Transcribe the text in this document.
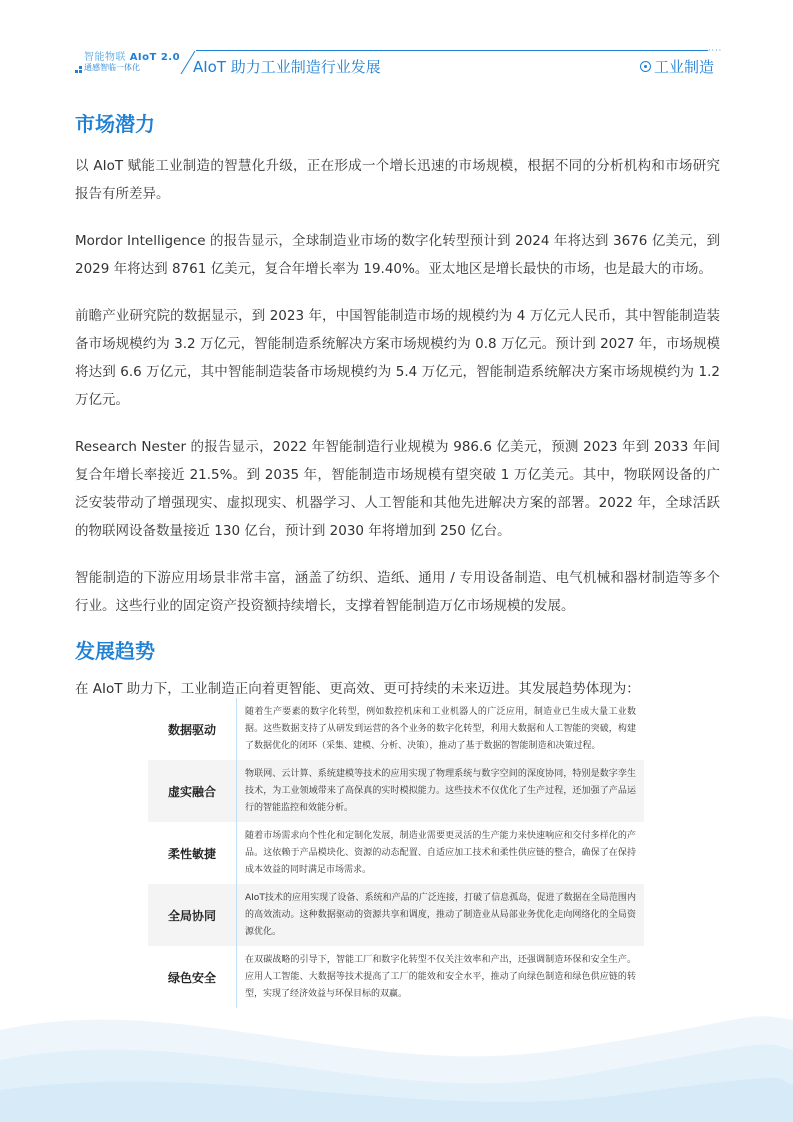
智能物联 AIoT 2.0
通感智临一体化
····
AIoT 助力工业制造行业发展	工业制造
市场潜力

以 AIoT 赋能工业制造的智慧化升级，正在形成一个增长迅速的市场规模，根据不同的分析机构和市场研究报告有所差异。

Mordor Intelligence 的报告显示，全球制造业市场的数字化转型预计到 2024 年将达到 3676 亿美元，到 2029 年将达到 8761 亿美元，复合年增长率为 19.40%。亚太地区是增长最快的市场，也是最大的市场。

前瞻产业研究院的数据显示，到 2023 年，中国智能制造市场的规模约为 4 万亿元人民币，其中智能制造装备市场规模约为 3.2 万亿元，智能制造系统解决方案市场规模约为 0.8 万亿元。预计到 2027 年，市场规模将达到 6.6 万亿元，其中智能制造装备市场规模约为 5.4 万亿元，智能制造系统解决方案市场规模约为 1.2 万亿元。

Research Nester 的报告显示，2022 年智能制造行业规模为 986.6 亿美元，预测 2023 年到 2033 年间复合年增长率接近 21.5%。到 2035 年，智能制造市场规模有望突破 1 万亿美元。其中，物联网设备的广泛安装带动了增强现实、虚拟现实、机器学习、人工智能和其他先进解决方案的部署。2022 年，全球活跃的物联网设备数量接近 130 亿台，预计到 2030 年将增加到 250 亿台。

智能制造的下游应用场景非常丰富，涵盖了纺织、造纸、通用 / 专用设备制造、电气机械和器材制造等多个行业。这些行业的固定资产投资额持续增长，支撑着智能制造万亿市场规模的发展。

发展趋势

在 AIoT 助力下，工业制造正向着更智能、更高效、更可持续的未来迈进。其发展趋势体现为：

数据驱动
随着生产要素的数字化转型，例如数控机床和工业机器人的广泛应用，制造业已生成大量工业数据。这些数据支持了从研发到运营的各个业务的数字化转型，利用大数据和人工智能的突破，构建了数据优化的闭环（采集、建模、分析、决策），推动了基于数据的智能制造和决策过程。
虚实融合
物联网、云计算、系统建模等技术的应用实现了物理系统与数字空间的深度协同，特别是数字孪生技术，为工业领域带来了高保真的实时模拟能力。这些技术不仅优化了生产过程，还加强了产品运行的智能监控和效能分析。
柔性敏捷
随着市场需求向个性化和定制化发展，制造业需要更灵活的生产能力来快速响应和交付多样化的产品。这依赖于产品模块化、资源的动态配置、自适应加工技术和柔性供应链的整合，确保了在保持成本效益的同时满足市场需求。
全局协同
AIoT技术的应用实现了设备、系统和产品的广泛连接，打破了信息孤岛，促进了数据在全局范围内的高效流动。这种数据驱动的资源共享和调度，推动了制造业从局部业务优化走向网络化的全局资源优化。
绿色安全
在双碳战略的引导下，智能工厂和数字化转型不仅关注效率和产出，还强调制造环保和安全生产。应用人工智能、大数据等技术提高了工厂的能效和安全水平，推动了向绿色制造和绿色供应链的转型，实现了经济效益与环保目标的双赢。
